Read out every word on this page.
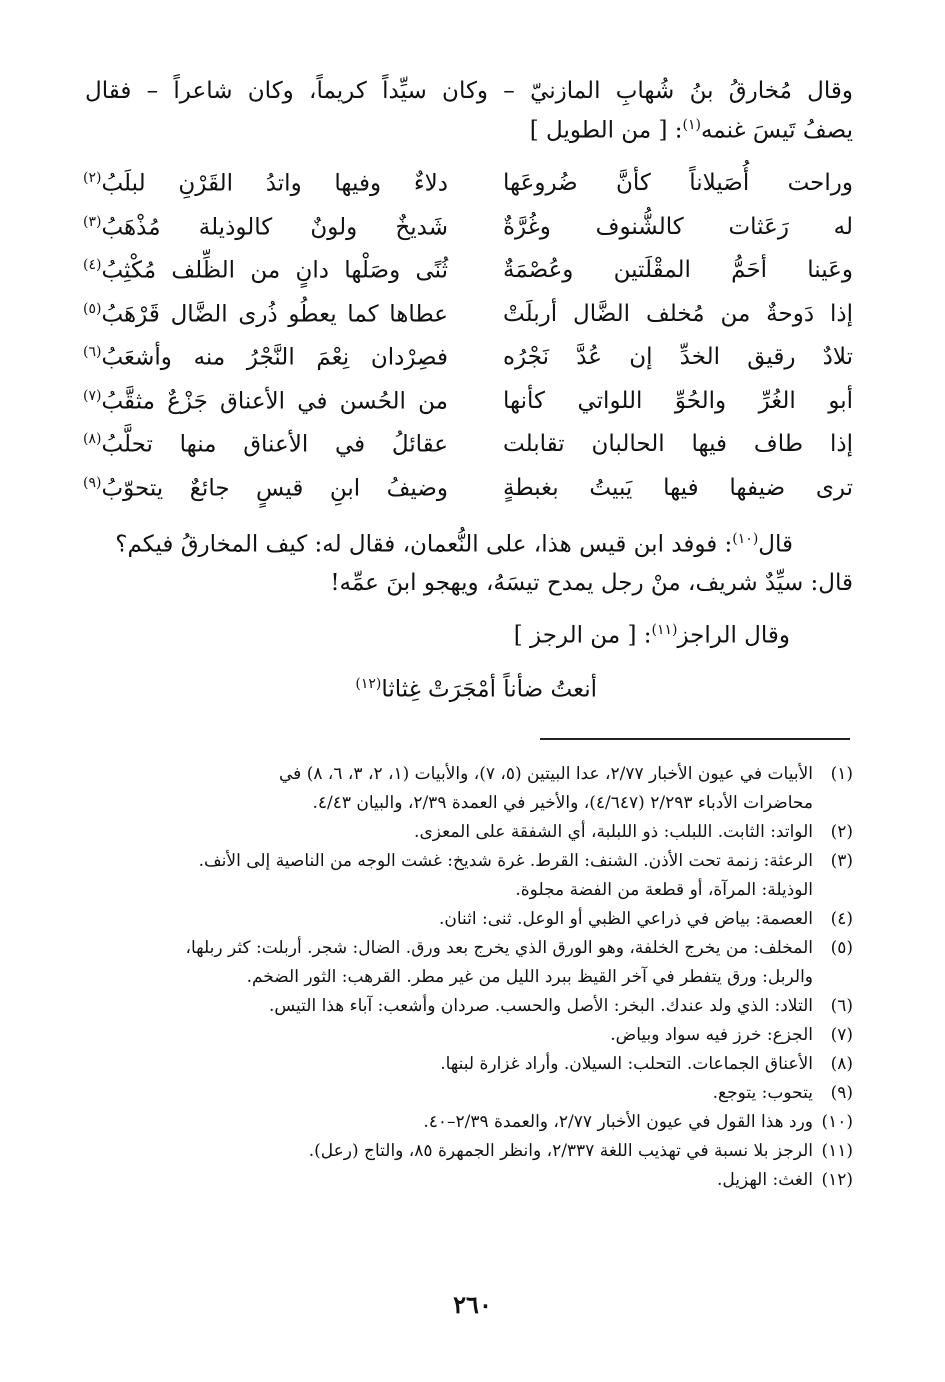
وقال مُخارقُ بنُ شُهابِ المازنيّ – وكان سيِّداً كريماً، وكان شاعراً – فقال
يصفُ تَيسَ غنمه$^{(١)}$: [ من الطويل ]
وراحت أُصَيلاناً كأنَّ ضُروعَها
دلاءٌ وفيها واتدُ القَرْنِ لبلَبُ$^{(٢)}$
له رَعَثات كالشُّنوف وغُرَّةٌ
شَديخٌ ولونٌ كالوذيلة مُذْهَبُ$^{(٣)}$
وعَينا أحَمُّ المقْلَتين وعُصْمَةٌ
ثُنًى وصَلْها دانٍ من الظِّلف مُكْثِبُ$^{(٤)}$
إذا دَوحةٌ من مُخلف الضَّال أربلَتْ
عطاها كما يعطُو ذُرى الضَّال قَرْهَبُ$^{(٥)}$
تلادٌ رقيق الخدِّ إن عُدَّ نَجْرُه
فصِرْدان نِعْمَ النَّجْرُ منه وأشعَبُ$^{(٦)}$
أبو الغُرِّ والحُوِّ اللواتي كأنها
من الحُسن في الأعناق جَزْعٌ مثقَّبُ$^{(٧)}$
إذا طاف فيها الحالبان تقابلت
عقائلُ في الأعناق منها تحلَّبُ$^{(٨)}$
ترى ضيفها فيها يَبيتُ بغبطةٍ
وضيفُ ابنِ قيسٍ جائعٌ يتحوّبُ$^{(٩)}$
قال$^{(١٠)}$: فوفد ابن قيس هذا، على النُّعمان، فقال له: كيف المخارقُ فيكم؟
قال: سيِّدٌ شريف، منْ رجل يمدح تيسَهُ، ويهجو ابنَ عمِّه!
وقال الراجز$^{(١١)}$: [ من الرجز ]
أنعتُ ضأناً أمْجَرَتْ غِثاثا$^{(١٢)}$
(١)
الأبيات في عيون الأخبار ٢/٧٧، عدا البيتين (٥، ٧)، والأبيات (١، ٢، ٣، ٦، ٨) في
محاضرات الأدباء ٢/٢٩٣ (٤/٦٤٧)، والأخير في العمدة ٢/٣٩، والبيان ٤/٤٣.
(٢)
الواتد: الثابت. اللبلب: ذو اللبلبة، أي الشفقة على المعزى.
(٣)
الرعثة: زنمة تحت الأذن. الشنف: القرط. غرة شديخ: غشت الوجه من الناصية إلى الأنف.
الوذيلة: المرآة، أو قطعة من الفضة مجلوة.
(٤)
العصمة: بياض في ذراعي الظبي أو الوعل. ثنى: اثنان.
(٥)
المخلف: من يخرج الخلفة، وهو الورق الذي يخرج بعد ورق. الضال: شجر. أربلت: كثر ربلها،
والربل: ورق يتفطر في آخر القيظ ببرد الليل من غير مطر. القرهب: الثور الضخم.
(٦)
التلاد: الذي ولد عندك. البخر: الأصل والحسب. صردان وأشعب: آباء هذا التيس.
(٧)
الجزع: خرز فيه سواد وبياض.
(٨)
الأعناق الجماعات. التحلب: السيلان. وأراد غزارة لبنها.
(٩)
يتحوب: يتوجع.
(١٠)
ورد هذا القول في عيون الأخبار ٢/٧٧، والعمدة ٢/٣٩–٤٠.
(١١)
الرجز بلا نسبة في تهذيب اللغة ٢/٣٣٧، وانظر الجمهرة ٨٥، والتاج (رعل).
(١٢)
الغث: الهزيل.
٢٦٠
